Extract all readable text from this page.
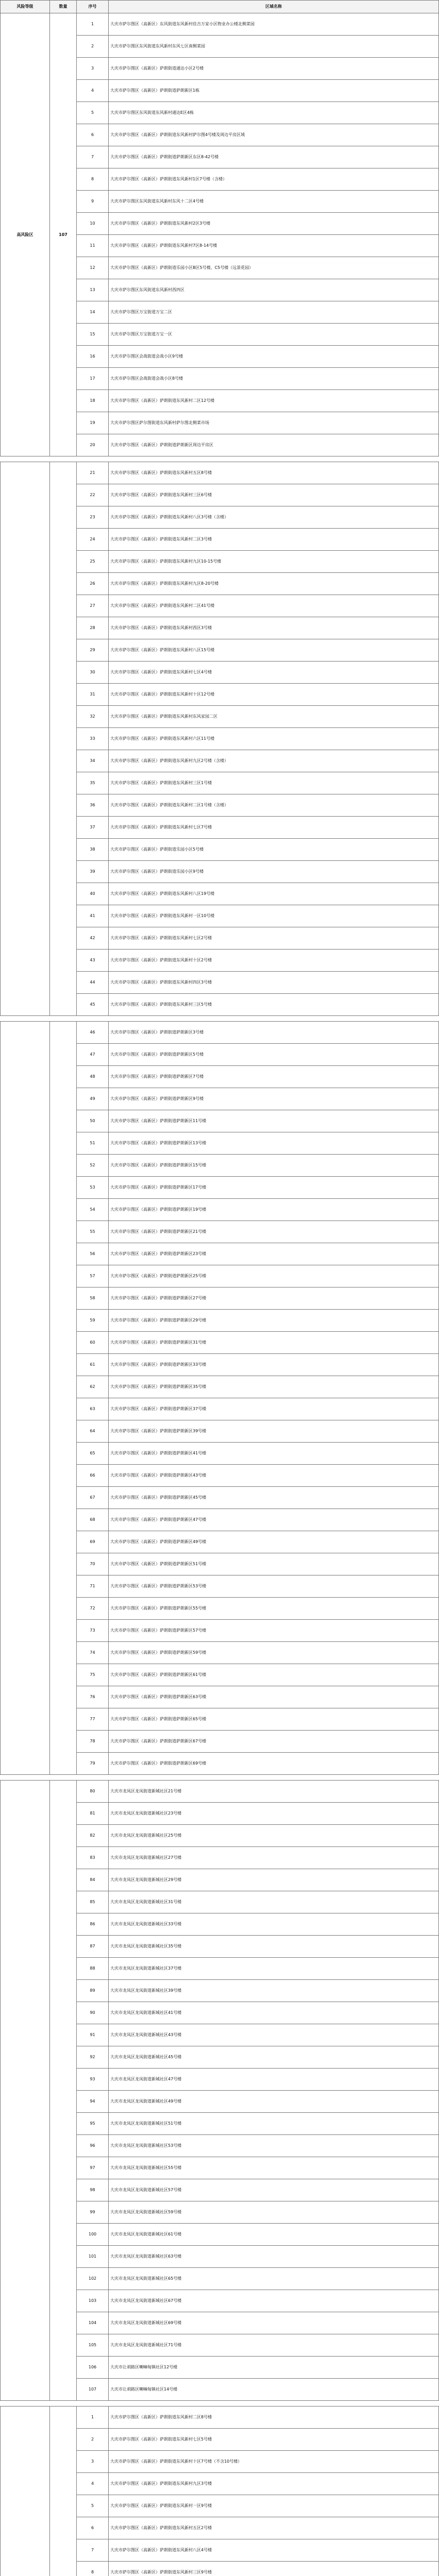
风险等级	数量	序号	区域名称
高风险区	107	1	大庆市萨尔图区（高新区）东风街道东风新村佳吉万家小区物业办公楼北侧菜园
		2	大庆市萨尔图区东风街道东风新村东风七区南侧菜园
		3	大庆市萨尔图区（高新区）萨朗街道通达小区2号楼
		4	大庆市萨尔图区（高新区）萨朗街道萨朗新区1栋
		5	大庆市萨尔图区东风街道东风新村通达E区4栋
		6	大庆市萨尔图区（高新区）萨朗街道东风新村萨尔图4号楼及周边平房区域
		7	大庆市萨尔图区（高新区）萨朗街道萨朗新区东区8-42号楼
		8	大庆市萨尔图区（高新区）萨朗街道东风新村1区7号楼（含楼）
		9	大庆市萨尔图区东风街道东风新村东风十二区4号楼
		10	大庆市萨尔图区（高新区）萨朗街道东风新村2区3号楼
		11	大庆市萨尔图区（高新区）萨朗街道东风新村7区8-14号楼
		12	大庆市萨尔图区（高新区）萨朗街道乐园小区B区5号楼、C5号楼（远景花园）
		13	大庆市萨尔图区东风街道东风新村西四区
		14	大庆市萨尔图区万宝街道万宝二区
		15	大庆市萨尔图区万宝街道万宝一区
		16	大庆市萨尔图区会战街道会战小区9号楼
		17	大庆市萨尔图区会战街道会战小区8号楼
		18	大庆市萨尔图区（高新区）萨朗街道东风新村二区12号楼
		19	大庆市萨尔图区萨尔图街道东风新村萨尔图北侧菜市场
		20	大庆市萨尔图区（高新区）萨朗街道萨朗新区周边平房区

		21	大庆市萨尔图区（高新区）萨朗街道东风新村五区8号楼
		22	大庆市萨尔图区（高新区）萨朗街道东风新村三区6号楼
		23	大庆市萨尔图区（高新区）萨朗街道东风新村八区3号楼（含楼）
		24	大庆市萨尔图区（高新区）萨朗街道东风新村二区3号楼
		25	大庆市萨尔图区（高新区）萨朗街道东风新村九区10-15号楼
		26	大庆市萨尔图区（高新区）萨朗街道东风新村九区8-20号楼
		27	大庆市萨尔图区（高新区）萨朗街道东风新村二区41号楼
		28	大庆市萨尔图区（高新区）萨朗街道东风新村西区3号楼
		29	大庆市萨尔图区（高新区）萨朗街道东风新村八区15号楼
		30	大庆市萨尔图区（高新区）萨朗街道东风新村七区4号楼
		31	大庆市萨尔图区（高新区）萨朗街道东风新村十区12号楼
		32	大庆市萨尔图区（高新区）萨朗街道东风新村东风家园二区
		33	大庆市萨尔图区（高新区）萨朗街道东风新村六区11号楼
		34	大庆市萨尔图区（高新区）萨朗街道东风新村九区2号楼（含楼）
		35	大庆市萨尔图区（高新区）萨朗街道东风新村三区1号楼
		36	大庆市萨尔图区（高新区）萨朗街道东风新村二区1号楼（含楼）
		37	大庆市萨尔图区（高新区）萨朗街道东风新村七区7号楼
		38	大庆市萨尔图区（高新区）萨朗街道乐园小区5号楼
		39	大庆市萨尔图区（高新区）萨朗街道乐园小区9号楼
		40	大庆市萨尔图区（高新区）萨朗街道东风新村八区19号楼
		41	大庆市萨尔图区（高新区）萨朗街道东风新村一区10号楼
		42	大庆市萨尔图区（高新区）萨朗街道东风新村七区2号楼
		43	大庆市萨尔图区（高新区）萨朗街道东风新村十区2号楼
		44	大庆市萨尔图区（高新区）萨朗街道东风新村四区3号楼
		45	大庆市萨尔图区（高新区）萨朗街道东风新村三区5号楼

		46	大庆市萨尔图区（高新区）萨朗街道萨朗新区3号楼
		47	大庆市萨尔图区（高新区）萨朗街道萨朗新区5号楼
		48	大庆市萨尔图区（高新区）萨朗街道萨朗新区7号楼
		49	大庆市萨尔图区（高新区）萨朗街道萨朗新区9号楼
		50	大庆市萨尔图区（高新区）萨朗街道萨朗新区11号楼
		51	大庆市萨尔图区（高新区）萨朗街道萨朗新区13号楼
		52	大庆市萨尔图区（高新区）萨朗街道萨朗新区15号楼
		53	大庆市萨尔图区（高新区）萨朗街道萨朗新区17号楼
		54	大庆市萨尔图区（高新区）萨朗街道萨朗新区19号楼
		55	大庆市萨尔图区（高新区）萨朗街道萨朗新区21号楼
		56	大庆市萨尔图区（高新区）萨朗街道萨朗新区23号楼
		57	大庆市萨尔图区（高新区）萨朗街道萨朗新区25号楼
		58	大庆市萨尔图区（高新区）萨朗街道萨朗新区27号楼
		59	大庆市萨尔图区（高新区）萨朗街道萨朗新区29号楼
		60	大庆市萨尔图区（高新区）萨朗街道萨朗新区31号楼
		61	大庆市萨尔图区（高新区）萨朗街道萨朗新区33号楼
		62	大庆市萨尔图区（高新区）萨朗街道萨朗新区35号楼
		63	大庆市萨尔图区（高新区）萨朗街道萨朗新区37号楼
		64	大庆市萨尔图区（高新区）萨朗街道萨朗新区39号楼
		65	大庆市萨尔图区（高新区）萨朗街道萨朗新区41号楼
		66	大庆市萨尔图区（高新区）萨朗街道萨朗新区43号楼
		67	大庆市萨尔图区（高新区）萨朗街道萨朗新区45号楼
		68	大庆市萨尔图区（高新区）萨朗街道萨朗新区47号楼
		69	大庆市萨尔图区（高新区）萨朗街道萨朗新区49号楼
		70	大庆市萨尔图区（高新区）萨朗街道萨朗新区51号楼
		71	大庆市萨尔图区（高新区）萨朗街道萨朗新区53号楼
		72	大庆市萨尔图区（高新区）萨朗街道萨朗新区55号楼
		73	大庆市萨尔图区（高新区）萨朗街道萨朗新区57号楼
		74	大庆市萨尔图区（高新区）萨朗街道萨朗新区59号楼
		75	大庆市萨尔图区（高新区）萨朗街道萨朗新区61号楼
		76	大庆市萨尔图区（高新区）萨朗街道萨朗新区63号楼
		77	大庆市萨尔图区（高新区）萨朗街道萨朗新区65号楼
		78	大庆市萨尔图区（高新区）萨朗街道萨朗新区67号楼
		79	大庆市萨尔图区（高新区）萨朗街道萨朗新区69号楼

		80	大庆市龙凤区龙凤街道新城社区21号楼
		81	大庆市龙凤区龙凤街道新城社区23号楼
		82	大庆市龙凤区龙凤街道新城社区25号楼
		83	大庆市龙凤区龙凤街道新城社区27号楼
		84	大庆市龙凤区龙凤街道新城社区29号楼
		85	大庆市龙凤区龙凤街道新城社区31号楼
		86	大庆市龙凤区龙凤街道新城社区33号楼
		87	大庆市龙凤区龙凤街道新城社区35号楼
		88	大庆市龙凤区龙凤街道新城社区37号楼
		89	大庆市龙凤区龙凤街道新城社区39号楼
		90	大庆市龙凤区龙凤街道新城社区41号楼
		91	大庆市龙凤区龙凤街道新城社区43号楼
		92	大庆市龙凤区龙凤街道新城社区45号楼
		93	大庆市龙凤区龙凤街道新城社区47号楼
		94	大庆市龙凤区龙凤街道新城社区49号楼
		95	大庆市龙凤区龙凤街道新城社区51号楼
		96	大庆市龙凤区龙凤街道新城社区53号楼
		97	大庆市龙凤区龙凤街道新城社区55号楼
		98	大庆市龙凤区龙凤街道新城社区57号楼
		99	大庆市龙凤区龙凤街道新城社区59号楼
		100	大庆市龙凤区龙凤街道新城社区61号楼
		101	大庆市龙凤区龙凤街道新城社区63号楼
		102	大庆市龙凤区龙凤街道新城社区65号楼
		103	大庆市龙凤区龙凤街道新城社区67号楼
		104	大庆市龙凤区龙凤街道新城社区69号楼
		105	大庆市龙凤区龙凤街道新城社区71号楼
		106	大庆市让胡路区喇嘛甸镇社区12号楼
		107	大庆市让胡路区喇嘛甸镇社区14号楼

		1	大庆市萨尔图区（高新区）萨朗街道东风新村二区8号楼
		2	大庆市萨尔图区（高新区）萨朗街道东风新村七区5号楼
		3	大庆市萨尔图区（高新区）萨朗街道东风新村十区7号楼（不含10号楼）
		4	大庆市萨尔图区（高新区）萨朗街道东风新村九区3号楼
		5	大庆市萨尔图区（高新区）萨朗街道东风新村一区9号楼
		6	大庆市萨尔图区（高新区）萨朗街道东风新村五区2号楼
		7	大庆市萨尔图区（高新区）萨朗街道东风新村八区4号楼
		8	大庆市萨尔图区（高新区）萨朗街道东风新村三区9号楼
